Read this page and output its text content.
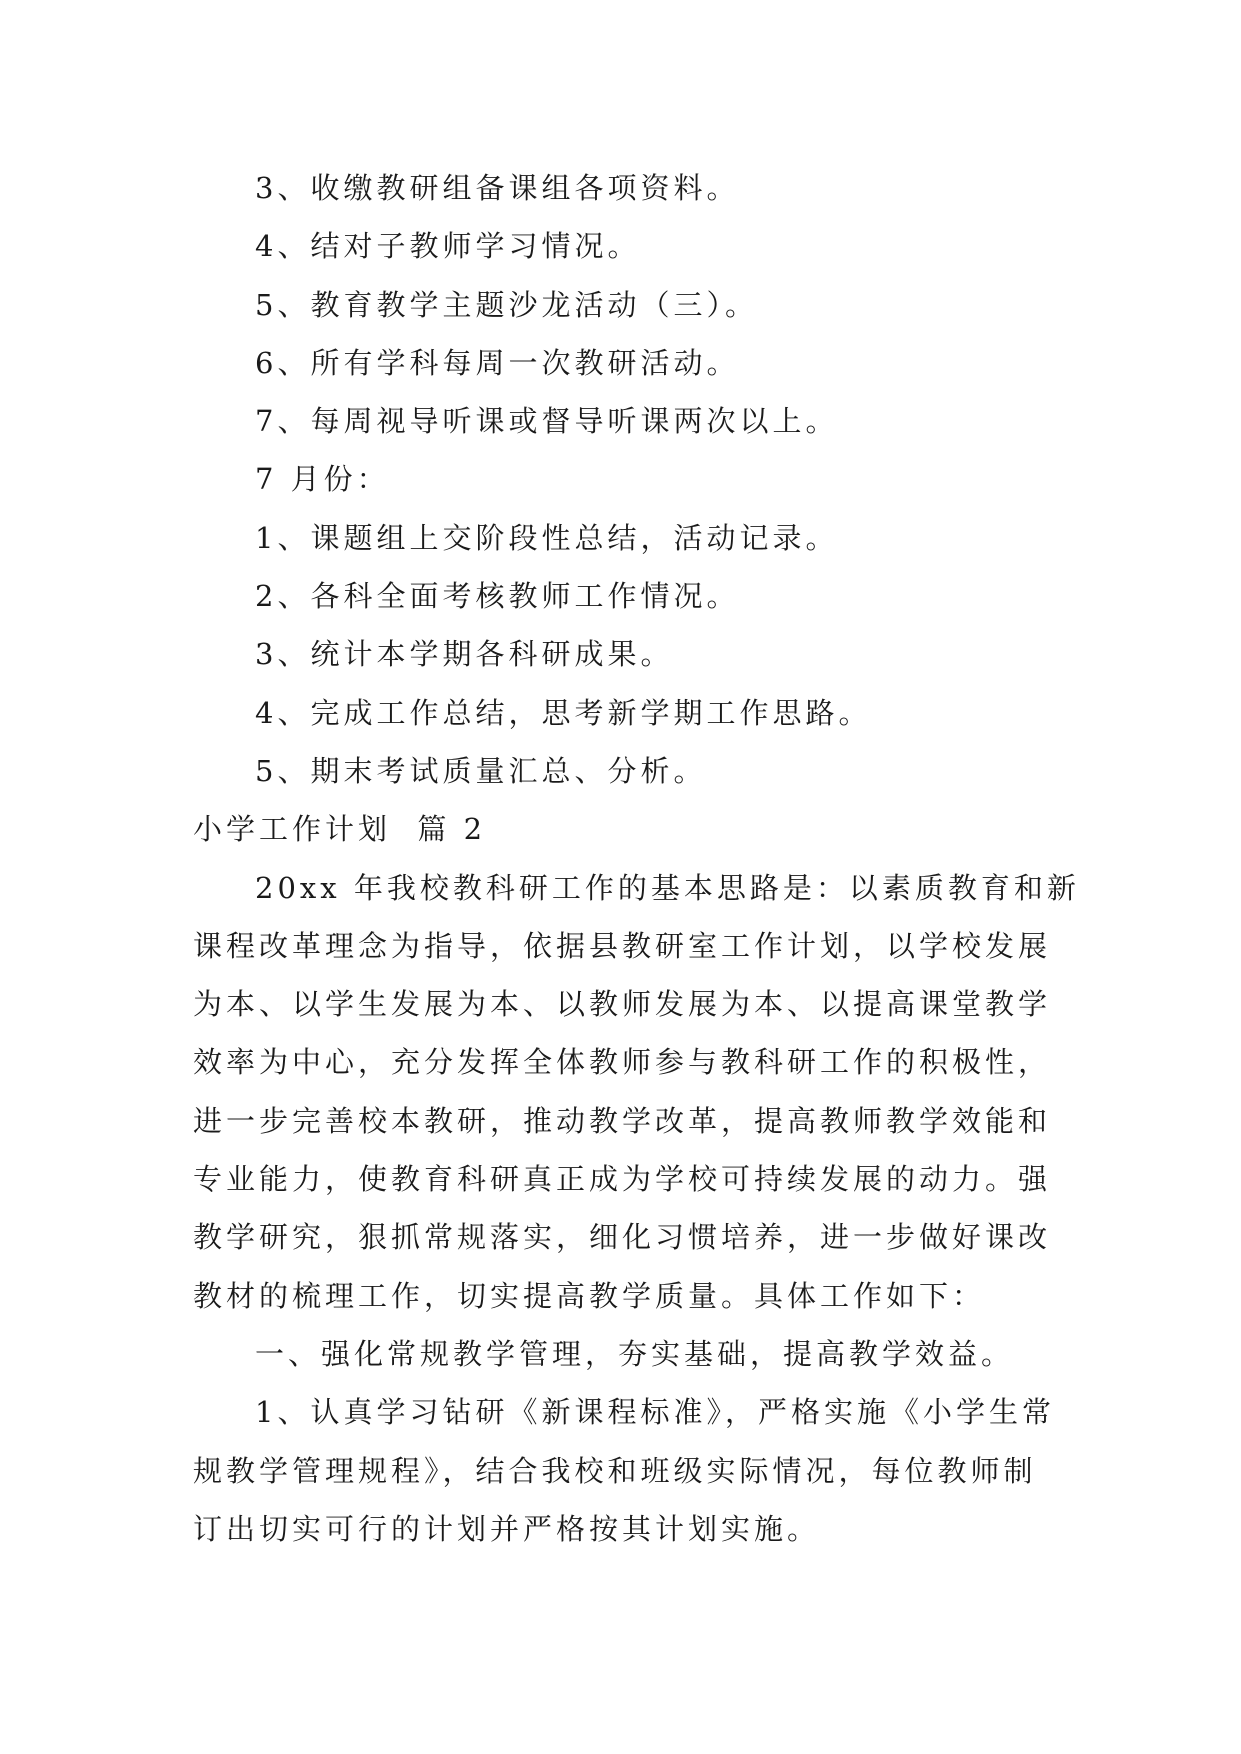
3、收缴教研组备课组各项资料。
4、结对子教师学习情况。
5、教育教学主题沙龙活动（三）。
6、所有学科每周一次教研活动。
7、每周视导听课或督导听课两次以上。
7 月份：
1、课题组上交阶段性总结，活动记录。
2、各科全面考核教师工作情况。
3、统计本学期各科研成果。
4、完成工作总结，思考新学期工作思路。
5、期末考试质量汇总、分析。
小学工作计划  篇 2
20xx 年我校教科研工作的基本思路是：以素质教育和新
课程改革理念为指导，依据县教研室工作计划，以学校发展
为本、以学生发展为本、以教师发展为本、以提高课堂教学
效率为中心，充分发挥全体教师参与教科研工作的积极性，
进一步完善校本教研，推动教学改革，提高教师教学效能和
专业能力，使教育科研真正成为学校可持续发展的动力。强
教学研究，狠抓常规落实，细化习惯培养，进一步做好课改
教材的梳理工作，切实提高教学质量。具体工作如下：
一、强化常规教学管理，夯实基础，提高教学效益。
1、认真学习钻研《新课程标准》，严格实施《小学生常
规教学管理规程》，结合我校和班级实际情况，每位教师制
订出切实可行的计划并严格按其计划实施。
